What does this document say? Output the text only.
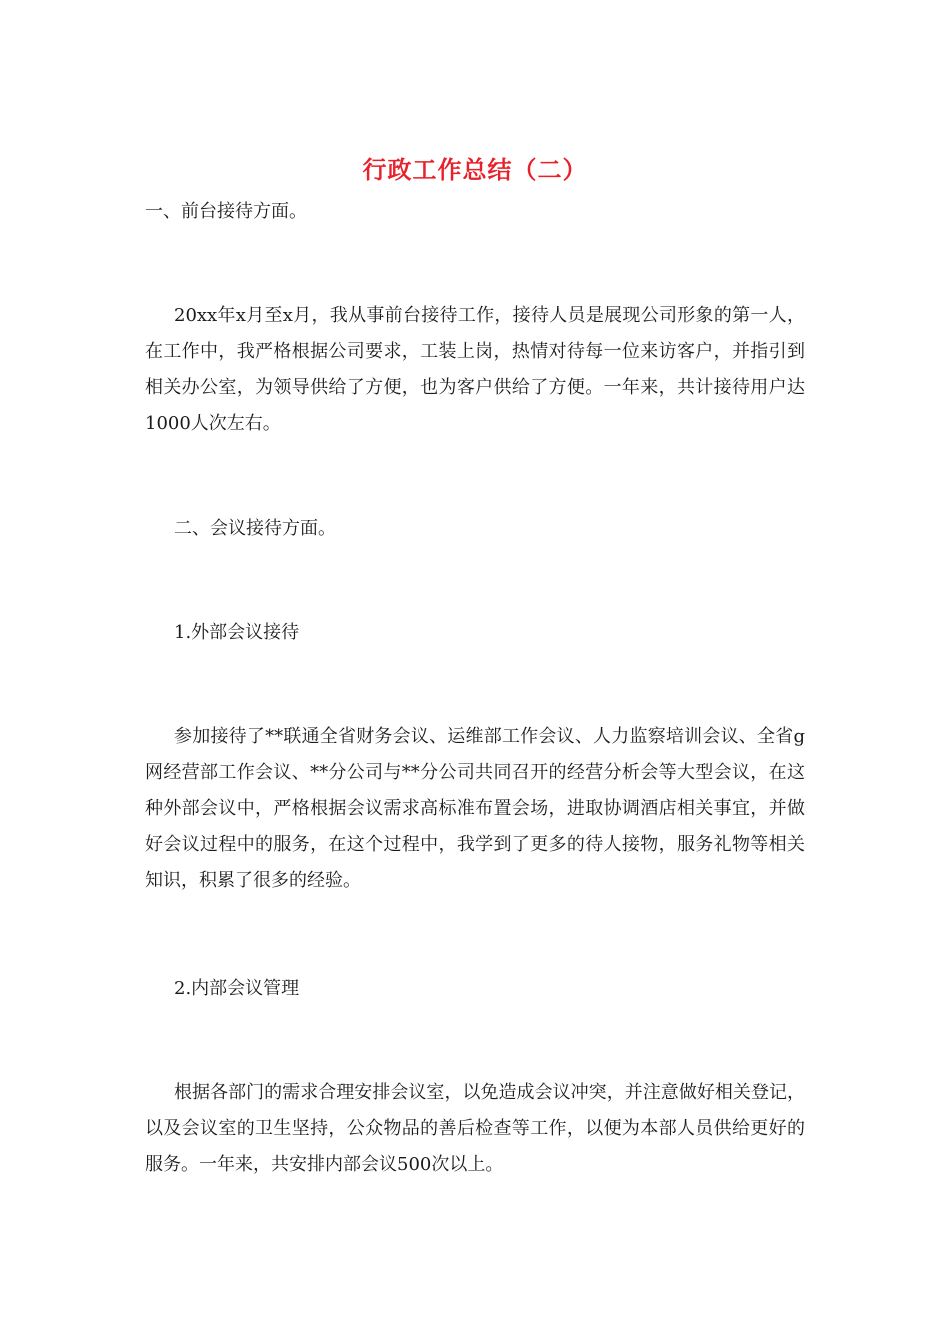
行政工作总结（二）
一、前台接待方面。
20xx年x月至x月，我从事前台接待工作，接待人员是展现公司形象的第一人，在工作中，我严格根据公司要求，工装上岗，热情对待每一位来访客户，并指引到相关办公室，为领导供给了方便，也为客户供给了方便。一年来，共计接待用户达1000人次左右。
二、会议接待方面。
1.外部会议接待
参加接待了**联通全省财务会议、运维部工作会议、人力监察培训会议、全省g网经营部工作会议、**分公司与**分公司共同召开的经营分析会等大型会议，在这种外部会议中，严格根据会议需求高标准布置会场，进取协调酒店相关事宜，并做好会议过程中的服务，在这个过程中，我学到了更多的待人接物，服务礼物等相关知识，积累了很多的经验。
2.内部会议管理
根据各部门的需求合理安排会议室，以免造成会议冲突，并注意做好相关登记，以及会议室的卫生坚持，公众物品的善后检查等工作，以便为本部人员供给更好的服务。一年来，共安排内部会议500次以上。
